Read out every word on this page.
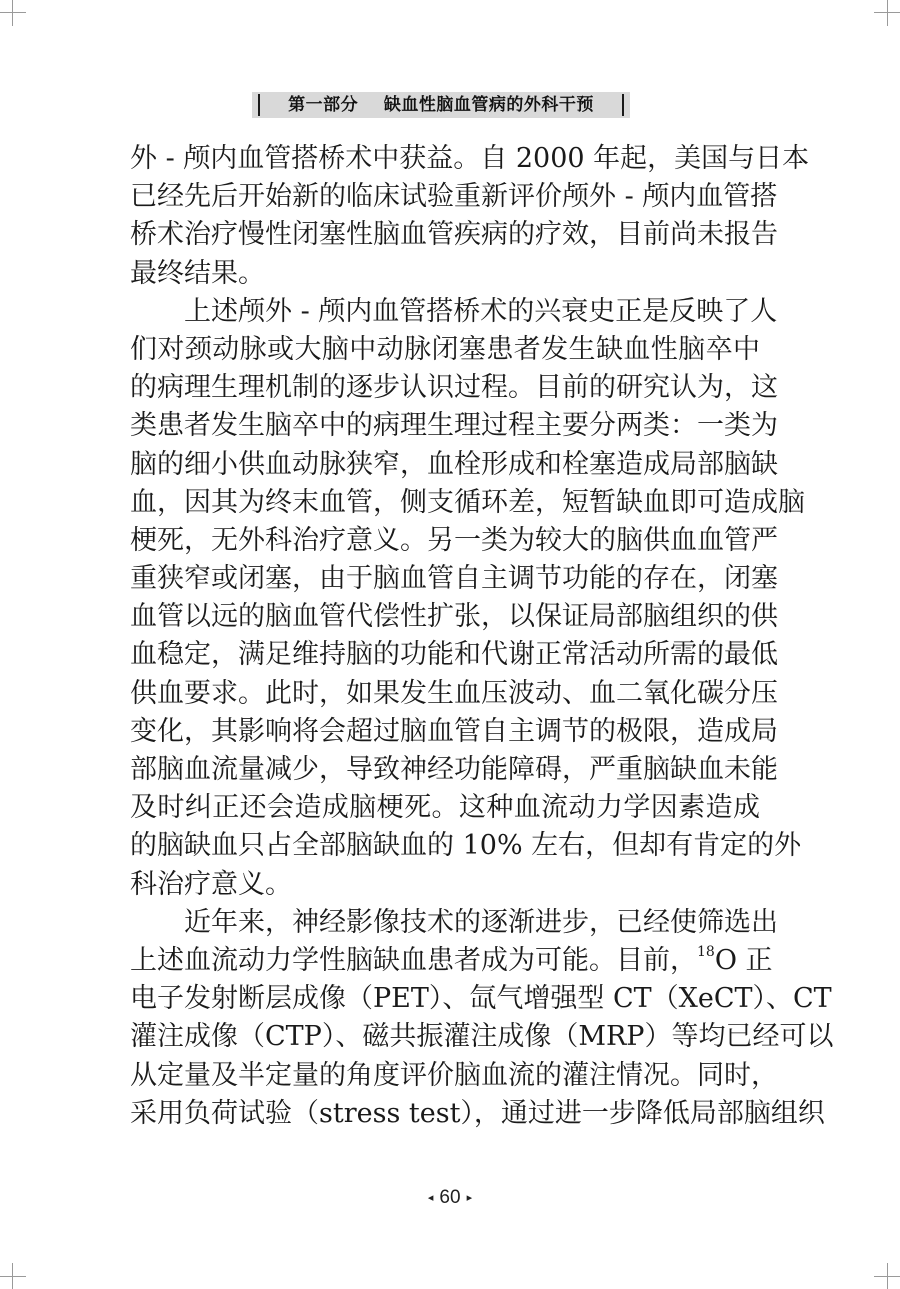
第一部分    缺血性脑血管病的外科干预
外 - 颅内血管搭桥术中获益。自 2000 年起，美国与日本
已经先后开始新的临床试验重新评价颅外 - 颅内血管搭
桥术治疗慢性闭塞性脑血管疾病的疗效，目前尚未报告
最终结果。
上述颅外 - 颅内血管搭桥术的兴衰史正是反映了人
们对颈动脉或大脑中动脉闭塞患者发生缺血性脑卒中
的病理生理机制的逐步认识过程。目前的研究认为，这
类患者发生脑卒中的病理生理过程主要分两类：一类为
脑的细小供血动脉狭窄，血栓形成和栓塞造成局部脑缺
血，因其为终末血管，侧支循环差，短暂缺血即可造成脑
梗死，无外科治疗意义。另一类为较大的脑供血血管严
重狭窄或闭塞，由于脑血管自主调节功能的存在，闭塞
血管以远的脑血管代偿性扩张，以保证局部脑组织的供
血稳定，满足维持脑的功能和代谢正常活动所需的最低
供血要求。此时，如果发生血压波动、血二氧化碳分压
变化，其影响将会超过脑血管自主调节的极限，造成局
部脑血流量减少，导致神经功能障碍，严重脑缺血未能
及时纠正还会造成脑梗死。这种血流动力学因素造成
的脑缺血只占全部脑缺血的 10% 左右，但却有肯定的外
科治疗意义。
近年来，神经影像技术的逐渐进步，已经使筛选出
上述血流动力学性脑缺血患者成为可能。目前，$^{18}$O 正
电子发射断层成像（PET）、氙气增强型 CT（XeCT）、CT
灌注成像（CTP）、磁共振灌注成像（MRP）等均已经可以
从定量及半定量的角度评价脑血流的灌注情况。同时，
采用负荷试验（stress test），通过进一步降低局部脑组织
◂ 60 ▸
